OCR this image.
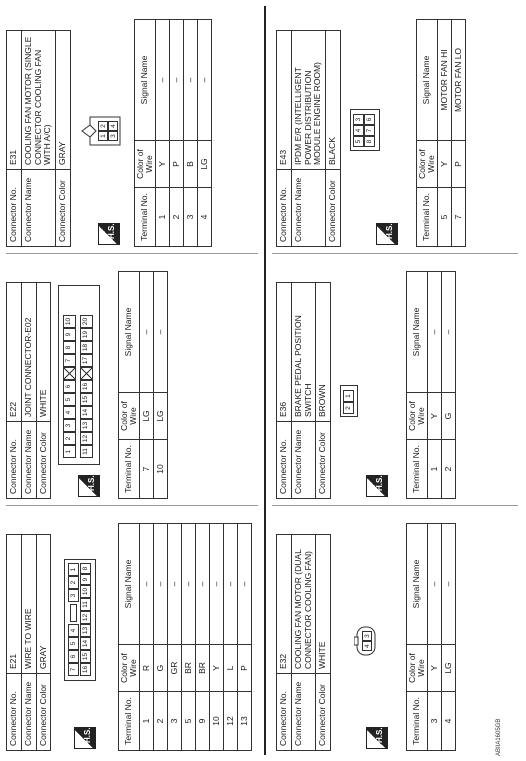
Connector No.	E21
Connector Name	WIRE TO WIRE
Connector Color	GRAY
H.S.
7
6
5
4
3
2
1
16
15
14
13
12
11
10
9
8
Terminal No.	Color of Wire	Signal Name
1	R	–
2	G	–
3	GR	–
5	BR	–
9	BR	–
10	Y	–
12	L	–
13	P	–
Connector No.	E22
Connector Name	JOINT CONNECTOR-E02
Connector Color	WHITE
H.S.
1
2
3
4
5
6
7
8
9
10
11
12
13
14
15
16
17
18
19
20
Terminal No.	Color of Wire	Signal Name
7	LG	–
10	LG	–
Connector No.	E31
Connector Name	COOLING FAN MOTOR (SINGLE CONNECTOR COOLING FAN WITH A/C)
Connector Color	GRAY
H.S.
1
2
3
4
Terminal No.	Color of Wire	Signal Name
1	Y	–
2	P	–
3	B	–
4	LG	–
Connector No.	E32
Connector Name	COOLING FAN MOTOR (DUAL CONNECTOR COOLING FAN)
Connector Color	WHITE
H.S.
4
3
Terminal No.	Color of Wire	Signal Name
3	Y	–
4	LG	–
Connector No.	E36
Connector Name	BRAKE PEDAL POSITION SWITCH
Connector Color	BROWN
H.S.
2
1
Terminal No.	Color of Wire	Signal Name
1	Y	–
2	G	–
Connector No.	E43
Connector Name	IPDM E/R (INTELLIGENT POWER DISTRIBUTION MODULE ENGINE ROOM)
Connector Color	BLACK
H.S.
5
4
3
8
7
6
Terminal No.	Color of Wire	Signal Name
5	Y	MOTOR FAN HI
7	P	MOTOR FAN LO
ABIIA1605GB
